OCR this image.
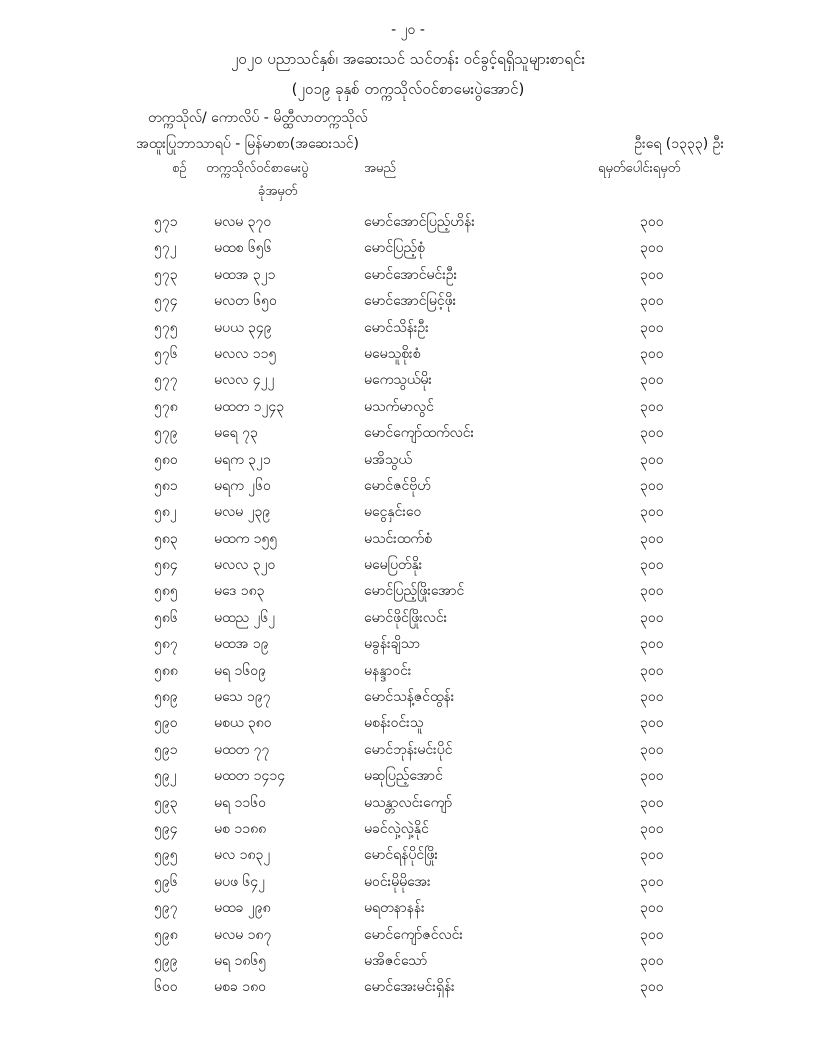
- ၂၀ -
၂၀၂၀ ပညာသင်နှစ်၊ အဆေးသင် သင်တန်း ဝင်ခွင့်ရရှိသူများစာရင်း
(၂၀၁၉ ခုနှစ် တက္ကသိုလ်ဝင်စာမေးပွဲအောင်)
တက္ကသိုလ်/ ကောလိပ် - မိတ္ထီလာတက္ကသိုလ်
အထူးပြုဘာသာရပ် - မြန်မာစာ(အဆေးသင်)	ဦးရေ (၁၃၃၃) ဦး
စဉ် တက္ကသိုလ်ဝင်စာမေးပွဲ
ခုံအမှတ်
အမည်	ရမှတ်ပေါင်းရမှတ်
၅၇၁	မလမ ၃၇၀	မောင်အောင်ပြည့်ဟိန်း	၃၀၀
၅၇၂	မထစ ၆၅၆	မောင်ပြည့်စုံ	၃၀၀
၅၇၃	မထအ ၃၂၁	မောင်အောင်မင်းဦး	၃၀၀
၅၇၄	မလတ ၆၅၀	မောင်အောင်မြင့်ဖိုး	၃၀၀
၅၇၅	မပယ ၃၄၉	မောင်သိန်းဦး	၃၀၀
၅၇၆	မလလ ၁၁၅	မမေသူစိုးစံ	၃၀၀
၅၇၇	မလလ ၄၂၂	မကေသွယ်မိုး	၃၀၀
၅၇၈	မထတ ၁၂၄၃	မသက်မာလွင်	၃၀၀
၅၇၉	မရေ ၇၃	မောင်ကျော်ထက်လင်း	၃၀၀
၅၈၀	မရက ၃၂၁	မအိသွယ်	၃၀၀
၅၈၁	မရက ၂၆၀	မောင်ဇင်ဗိုဟ်	၃၀၀
၅၈၂	မလမ ၂၃၉	မငွေနှင်းဝေ	၃၀၀
၅၈၃	မထက ၁၅၅	မသင်းထက်စံ	၃၀၀
၅၈၄	မလလ ၃၂၀	မမေပြတ်နိုး	၃၀၀
၅၈၅	မဒေ ၁၈၃	မောင်ပြည့်ဖြိုးအောင်	၃၀၀
၅၈၆	မထည ၂၆၂	မောင်ဖိုင်ဖြိုးလင်း	၃၀၀
၅၈၇	မထအ ၁၉	မခွန်းချိသာ	၃၀၀
၅၈၈	မရ ၁၆၀၉	မနန္ဒာဝင်း	၃၀၀
၅၈၉	မသေ ၁၉၇	မောင်သန့်ဇင်ထွန်း	၃၀၀
၅၉၀	မစယ ၃၈၀	မစန်းဝင်းသူ	၃၀၀
၅၉၁	မထတ ၇၇	မောင်ဘုန်းမင်းပိုင်	၃၀၀
၅၉၂	မထတ ၁၄၁၄	မဆုပြည့်အောင်	၃၀၀
၅၉၃	မရ ၁၁၆၀	မသန္တာလင်းကျော်	၃၀၀
၅၉၄	မစ ၁၁၈၈	မခင်လှဲ့လှဲ့နိုင်	၃၀၀
၅၉၅	မလ ၁၈၃၂	မောင်ရန်ပိုင်ဖြိုး	၃၀၀
၅၉၆	မပဖ ၆၄၂	မဝင်းမိုမိုအေး	၃၀၀
၅၉၇	မထခ ၂၉၈	မရတနာနန်း	၃၀၀
၅၉၈	မလမ ၁၈၇	မောင်ကျော်ဇင်လင်း	၃၀၀
၅၉၉	မရ ၁၈၆၅	မအိဇင်သော်	၃၀၀
၆၀၀	မစခ ၁၈၀	မောင်အေးမင်းရှိန်း	၃၀၀
